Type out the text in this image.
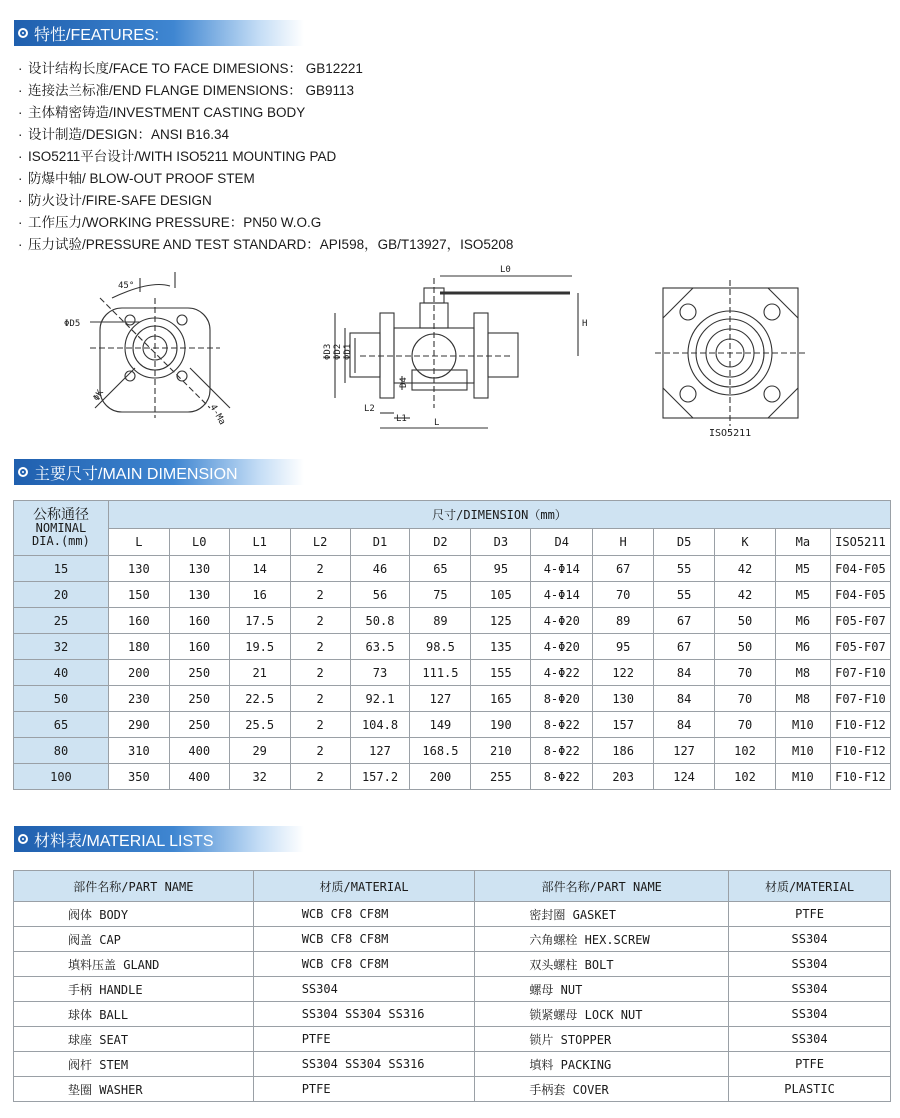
特性/FEATURES:
· 设计结构长度/FACE TO FACE DIMESIONS： GB12221
· 连接法兰标准/END FLANGE DIMENSIONS： GB9113
· 主体精密铸造/INVESTMENT CASTING BODY
· 设计制造/DESIGN：ANSI B16.34
· ISO5211平台设计/WITH ISO5211 MOUNTING PAD
· 防爆中轴/ BLOW-OUT PROOF STEM
· 防火设计/FIRE-SAFE DESIGN
· 工作压力/WORKING PRESSURE：PN50 W.O.G
· 压力试验/PRESSURE AND TEST STANDARD：API598，GB/T13927，ISO5208
45°
ΦD5
ΦK
4-Ma
L0
H
ΦD3 ΦD2 ΦD1
D4
L2
L1	L
ISO5211
主要尺寸/MAIN DIMENSION
公称通径
NOMINAL
DIA.(mm)	尺寸/DIMENSION（mm）												
	L	L0	L1	L2	D1	D2	D3	D4	H	D5	K	Ma	ISO5211
15	130	130	14	2	46	65	95	4-Φ14	67	55	42	M5	F04-F05
20	150	130	16	2	56	75	105	4-Φ14	70	55	42	M5	F04-F05
25	160	160	17.5	2	50.8	89	125	4-Φ20	89	67	50	M6	F05-F07
32	180	160	19.5	2	63.5	98.5	135	4-Φ20	95	67	50	M6	F05-F07
40	200	250	21	2	73	111.5	155	4-Φ22	122	84	70	M8	F07-F10
50	230	250	22.5	2	92.1	127	165	8-Φ20	130	84	70	M8	F07-F10
65	290	250	25.5	2	104.8	149	190	8-Φ22	157	84	70	M10	F10-F12
80	310	400	29	2	127	168.5	210	8-Φ22	186	127	102	M10	F10-F12
100	350	400	32	2	157.2	200	255	8-Φ22	203	124	102	M10	F10-F12
材料表/MATERIAL LISTS
部件名称/PART NAME	材质/MATERIAL	部件名称/PART NAME	材质/MATERIAL
阀体 BODY	WCB CF8 CF8M	密封圈 GASKET	PTFE
阀盖 CAP	WCB CF8 CF8M	六角螺栓 HEX.SCREW	SS304
填料压盖 GLAND	WCB CF8 CF8M	双头螺柱 BOLT	SS304
手柄 HANDLE	SS304	螺母 NUT	SS304
球体 BALL	SS304 SS304 SS316	锁紧螺母 LOCK NUT	SS304
球座 SEAT	PTFE	锁片 STOPPER	SS304
阀杆 STEM	SS304 SS304 SS316	填料 PACKING	PTFE
垫圈 WASHER	PTFE	手柄套 COVER	PLASTIC
